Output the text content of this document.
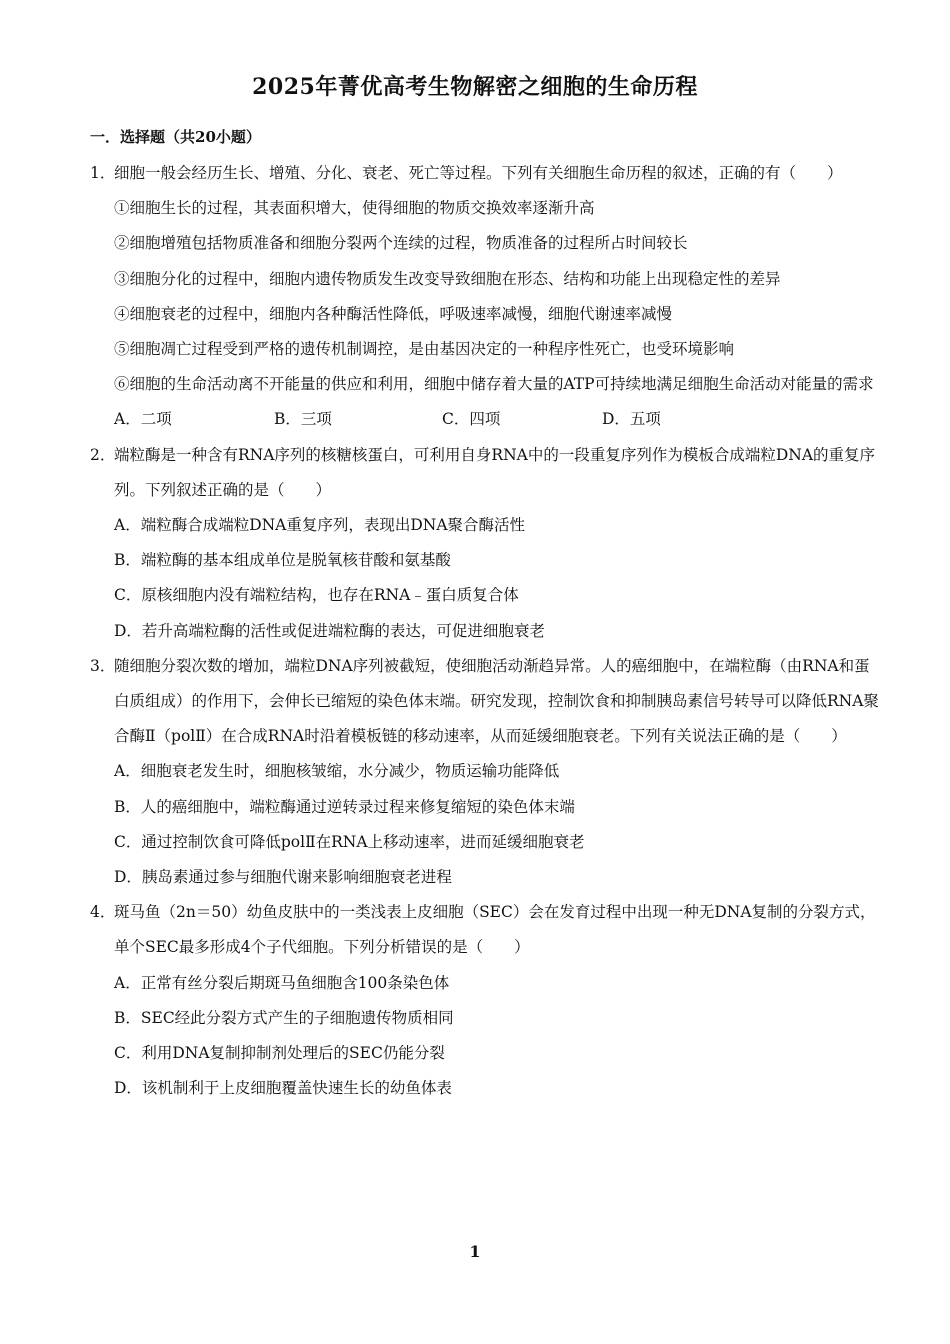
2025年菁优高考生物解密之细胞的生命历程
一．选择题（共20小题）
1．细胞一般会经历生长、增殖、分化、衰老、死亡等过程。下列有关细胞生命历程的叙述，正确的有（　　）
①细胞生长的过程，其表面积增大，使得细胞的物质交换效率逐渐升高
②细胞增殖包括物质准备和细胞分裂两个连续的过程，物质准备的过程所占时间较长
③细胞分化的过程中，细胞内遗传物质发生改变导致细胞在形态、结构和功能上出现稳定性的差异
④细胞衰老的过程中，细胞内各种酶活性降低，呼吸速率减慢，细胞代谢速率减慢
⑤细胞凋亡过程受到严格的遗传机制调控，是由基因决定的一种程序性死亡，也受环境影响
⑥细胞的生命活动离不开能量的供应和利用，细胞中储存着大量的ATP可持续地满足细胞生命活动对能量的需求
A．二项	B．三项	C．四项	D．五项
2．端粒酶是一种含有RNA序列的核糖核蛋白，可利用自身RNA中的一段重复序列作为模板合成端粒DNA的重复序列。下列叙述正确的是（　　）
A．端粒酶合成端粒DNA重复序列，表现出DNA聚合酶活性
B．端粒酶的基本组成单位是脱氧核苷酸和氨基酸
C．原核细胞内没有端粒结构，也存在RNA﹣蛋白质复合体
D．若升高端粒酶的活性或促进端粒酶的表达，可促进细胞衰老
3．随细胞分裂次数的增加，端粒DNA序列被截短，使细胞活动渐趋异常。人的癌细胞中，在端粒酶（由RNA和蛋白质组成）的作用下，会伸长已缩短的染色体末端。研究发现，控制饮食和抑制胰岛素信号转导可以降低RNA聚合酶Ⅱ（polⅡ）在合成RNA时沿着模板链的移动速率，从而延缓细胞衰老。下列有关说法正确的是（　　）
A．细胞衰老发生时，细胞核皱缩，水分减少，物质运输功能降低
B．人的癌细胞中，端粒酶通过逆转录过程来修复缩短的染色体末端
C．通过控制饮食可降低polⅡ在RNA上移动速率，进而延缓细胞衰老
D．胰岛素通过参与细胞代谢来影响细胞衰老进程
4．斑马鱼（2n＝50）幼鱼皮肤中的一类浅表上皮细胞（SEC）会在发育过程中出现一种无DNA复制的分裂方式，单个SEC最多形成4个子代细胞。下列分析错误的是（　　）
A．正常有丝分裂后期斑马鱼细胞含100条染色体
B．SEC经此分裂方式产生的子细胞遗传物质相同
C．利用DNA复制抑制剂处理后的SEC仍能分裂
D．该机制利于上皮细胞覆盖快速生长的幼鱼体表
1
